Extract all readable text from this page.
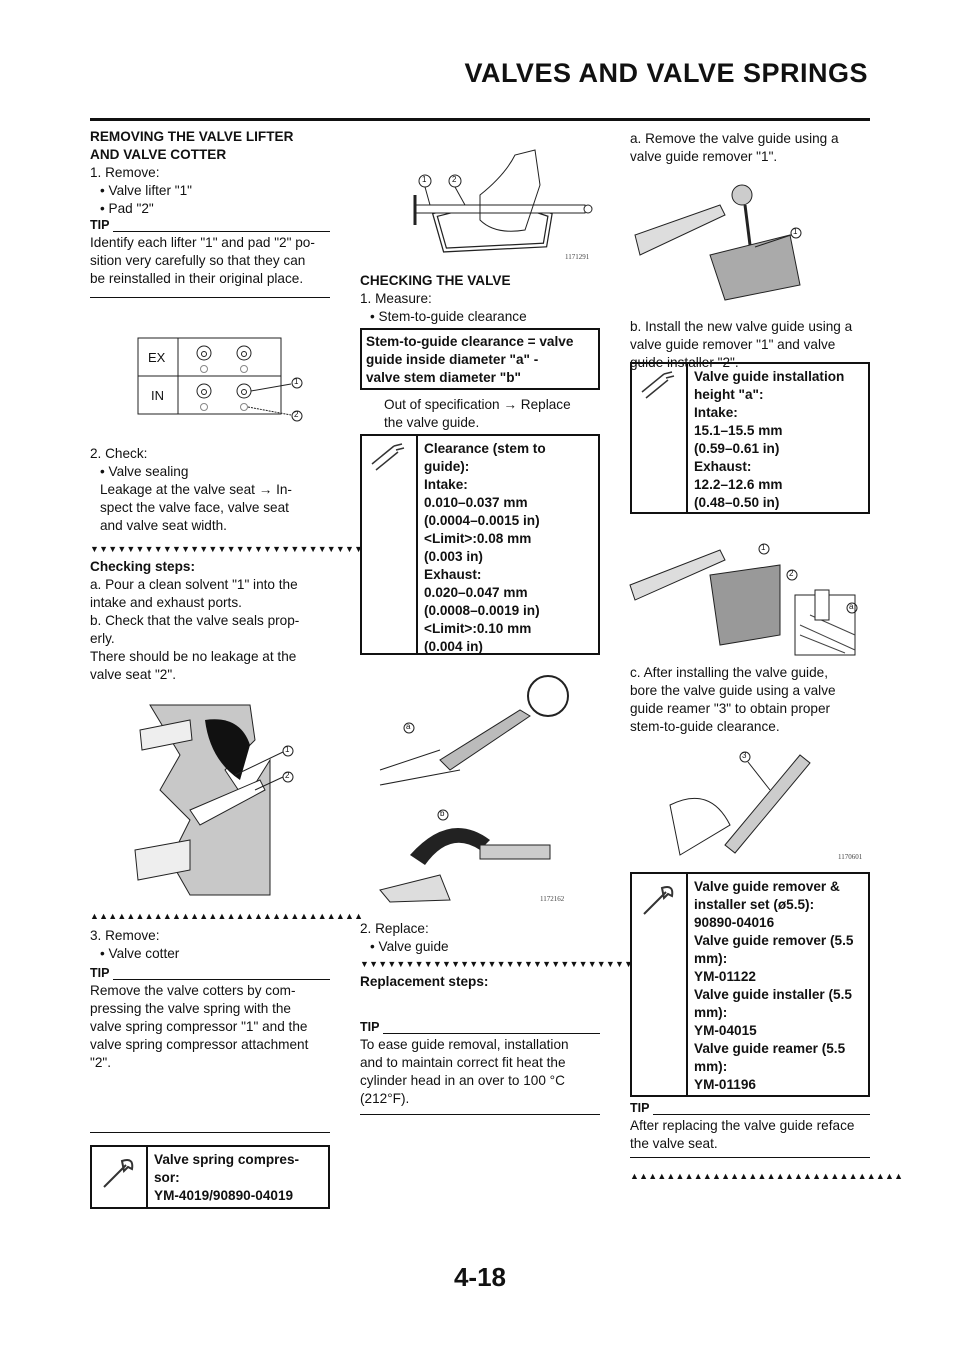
VALVES AND VALVE SPRINGS
REMOVING THE VALVE LIFTER
AND VALVE COTTER
1. Remove:
• Valve lifter "1"
• Pad "2"
TIP
Identify each lifter "1" and pad "2" po-
sition very carefully so that they can
be reinstalled in their original place.
EX
IN
1
2
2. Check:
• Valve sealing
Leakage at the valve seat → In-
spect the valve face, valve seat
and valve seat width.
▼▼▼▼▼▼▼▼▼▼▼▼▼▼▼▼▼▼▼▼▼▼▼▼▼▼▼▼▼▼
Checking steps:
a. Pour a clean solvent "1" into the
intake and exhaust ports.
b. Check that the valve seals prop-
erly.
There should be no leakage at the
valve seat "2".
1
2
▲▲▲▲▲▲▲▲▲▲▲▲▲▲▲▲▲▲▲▲▲▲▲▲▲▲▲▲▲▲
3. Remove:
• Valve cotter
TIP
Remove the valve cotters by com-
pressing the valve spring with the
valve spring compressor "1" and the
valve spring compressor attachment
"2".
Valve spring compres-
sor:
YM-4019/90890-04019
1	2
1171291
CHECKING THE VALVE
1. Measure:
• Stem-to-guide clearance
Stem-to-guide clearance = valve
guide inside diameter "a" -
valve stem diameter "b"
Out of specification → Replace
the valve guide.
Clearance (stem to
guide):
Intake:
0.010–0.037 mm
(0.0004–0.0015 in)
<Limit>:0.08 mm
(0.003 in)
Exhaust:
0.020–0.047 mm
(0.0008–0.0019 in)
<Limit>:0.10 mm
(0.004 in)
a
b
1172162
2. Replace:
• Valve guide
▼▼▼▼▼▼▼▼▼▼▼▼▼▼▼▼▼▼▼▼▼▼▼▼▼▼▼▼▼▼
Replacement steps:
TIP
To ease guide removal, installation
and to maintain correct fit heat the
cylinder head in an over to 100 °C
(212°F).
a. Remove the valve guide using a
valve guide remover "1".
1
b. Install the new valve guide using a
valve guide remover "1" and valve
guide installer "2".
Valve guide installation
height "a":
Intake:
15.1–15.5 mm
(0.59–0.61 in)
Exhaust:
12.2–12.6 mm
(0.48–0.50 in)
1
2
a
c. After installing the valve guide,
bore the valve guide using a valve
guide reamer "3" to obtain proper
stem-to-guide clearance.
3
1170601
Valve guide remover &
installer set (ø5.5):
90890-04016
Valve guide remover (5.5
mm):
YM-01122
Valve guide installer (5.5
mm):
YM-04015
Valve guide reamer (5.5
mm):
YM-01196
TIP
After replacing the valve guide reface
the valve seat.
▲▲▲▲▲▲▲▲▲▲▲▲▲▲▲▲▲▲▲▲▲▲▲▲▲▲▲▲▲▲
4-18
